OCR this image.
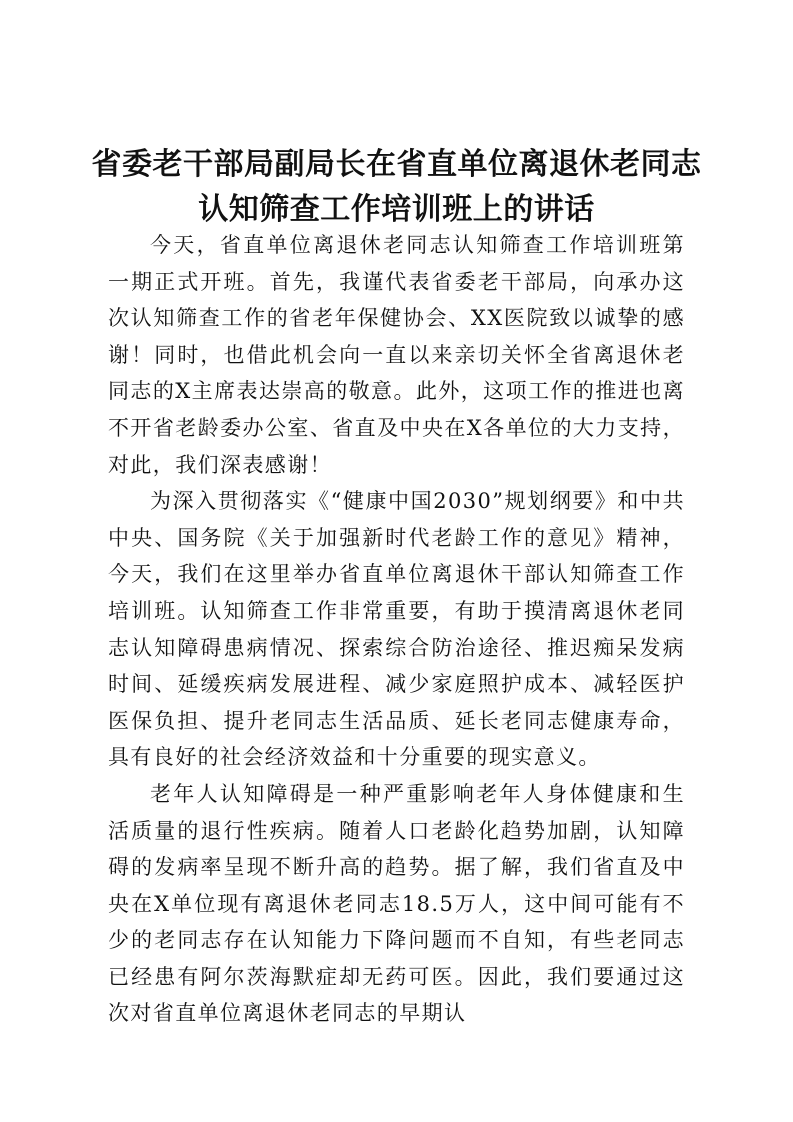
省委老干部局副局长在省直单位离退休老同志
认知筛查工作培训班上的讲话

今天，省直单位离退休老同志认知筛查工作培训班第一期正式开班。首先，我谨代表省委老干部局，向承办这次认知筛查工作的省老年保健协会、XX医院致以诚挚的感谢！同时，也借此机会向一直以来亲切关怀全省离退休老同志的X主席表达崇高的敬意。此外，这项工作的推进也离不开省老龄委办公室、省直及中央在X各单位的大力支持，对此，我们深表感谢！

为深入贯彻落实《“健康中国2030”规划纲要》和中共中央、国务院《关于加强新时代老龄工作的意见》精神，今天，我们在这里举办省直单位离退休干部认知筛查工作培训班。认知筛查工作非常重要，有助于摸清离退休老同志认知障碍患病情况、探索综合防治途径、推迟痴呆发病时间、延缓疾病发展进程、减少家庭照护成本、减轻医护医保负担、提升老同志生活品质、延长老同志健康寿命，具有良好的社会经济效益和十分重要的现实意义。

老年人认知障碍是一种严重影响老年人身体健康和生活质量的退行性疾病。随着人口老龄化趋势加剧，认知障碍的发病率呈现不断升高的趋势。据了解，我们省直及中央在X单位现有离退休老同志18.5万人，这中间可能有不少的老同志存在认知能力下降问题而不自知，有些老同志已经患有阿尔茨海默症却无药可医。因此，我们要通过这次对省直单位离退休老同志的早期认
